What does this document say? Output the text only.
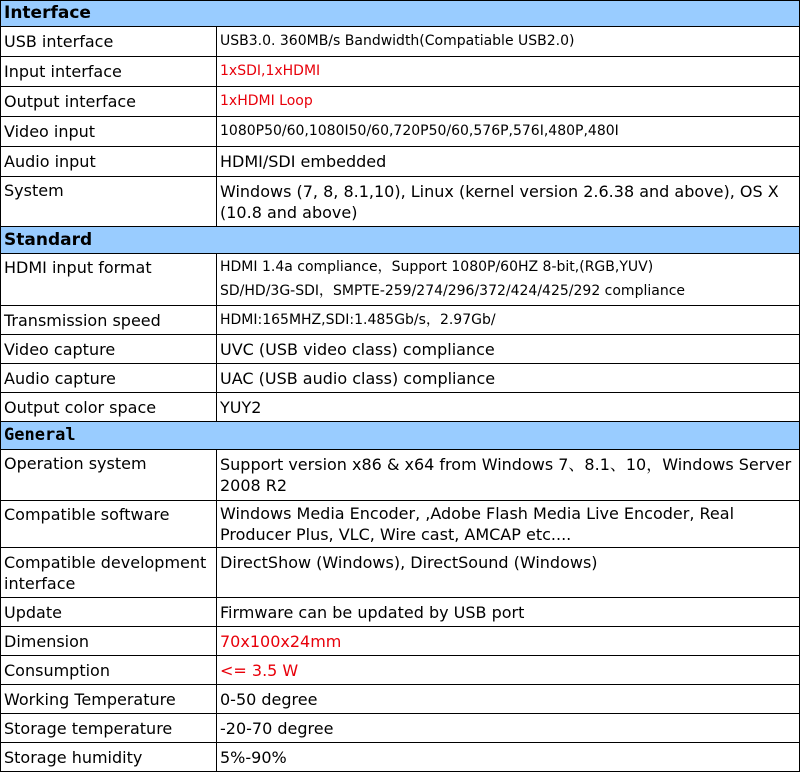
Interface	
USB interface	USB3.0. 360MB/s Bandwidth(Compatiable USB2.0)
Input interface	1xSDI,1xHDMI
Output interface	1xHDMI Loop
Video input	1080P50/60,1080I50/60,720P50/60,576P,576I,480P,480I
Audio input	HDMI/SDI embedded
System	Windows (7, 8, 8.1,10), Linux (kernel version 2.6.38 and above), OS X (10.8 and above)
Standard	
HDMI input format	HDMI 1.4a compliance，Support 1080P/60HZ 8-bit,(RGB,YUV)
SD/HD/3G-SDI，SMPTE-259/274/296/372/424/425/292 compliance

Transmission speed	HDMI:165MHZ,SDI:1.485Gb/s，2.97Gb/
Video capture	UVC (USB video class) compliance
Audio capture	UAC (USB audio class) compliance
Output color space	YUY2
General	
Operation system	Support version x86 & x64 from Windows 7、8.1、10，Windows Server 2008 R2
Compatible software	Windows Media Encoder, ,Adobe Flash Media Live Encoder, Real Producer Plus, VLC, Wire cast, AMCAP etc....
Compatible development interface	DirectShow (Windows), DirectSound (Windows)
Update	Firmware can be updated by USB port
Dimension	70x100x24mm
Consumption	<= 3.5 W
Working Temperature	0-50 degree
Storage temperature	-20-70 degree
Storage humidity	5%-90%
